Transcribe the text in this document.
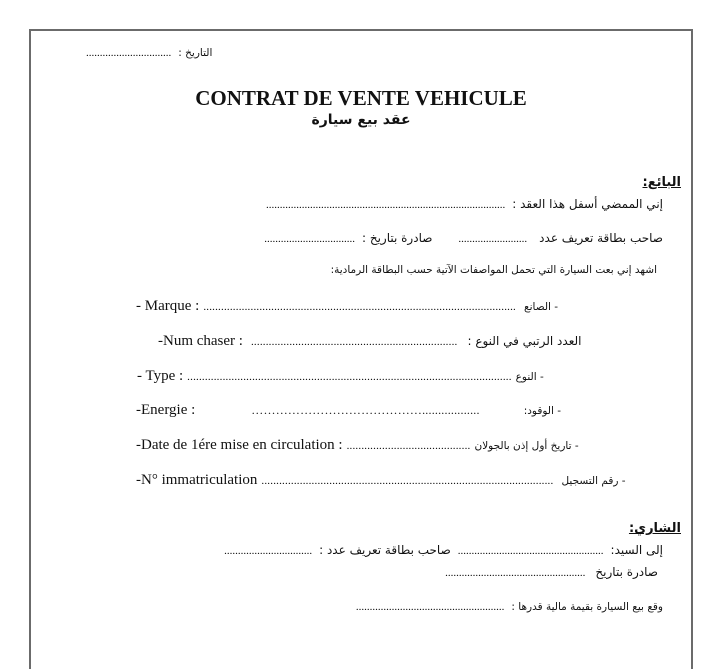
............................... التاريخ :
CONTRAT DE VENTE VEHICULE
عقد بيع سيارة
البائع:
....................................................................................... إني الممضي أسفل هذا العقد :
................................. صادرة بتاريخ : ......................... صاحب بطاقة تعريف عدد
اشهد إني بعت السيارة التي تحمل المواصفات الآتية حسب البطاقة الرمادية:
- Marque : .......................................................................................................... - الصانع
-Num chaser : ...................................................................... العدد الرتبي في النوع :
- Type : .............................................................................................................. - النوع
-Energie :	……………………………………..................	- الوقود:
-Date de 1ére mise en circulation : .......................................... - تاريخ أول إذن بالجولان
-N° immatriculation ................................................................................................... - رقم التسجيل
الشاري:
................................ صاحب بطاقة تعريف عدد : ..................................................... إلى السيد:
................................................... صادرة بتاريخ
...................................................... وقع بيع السيارة بقيمة مالية قدرها :
